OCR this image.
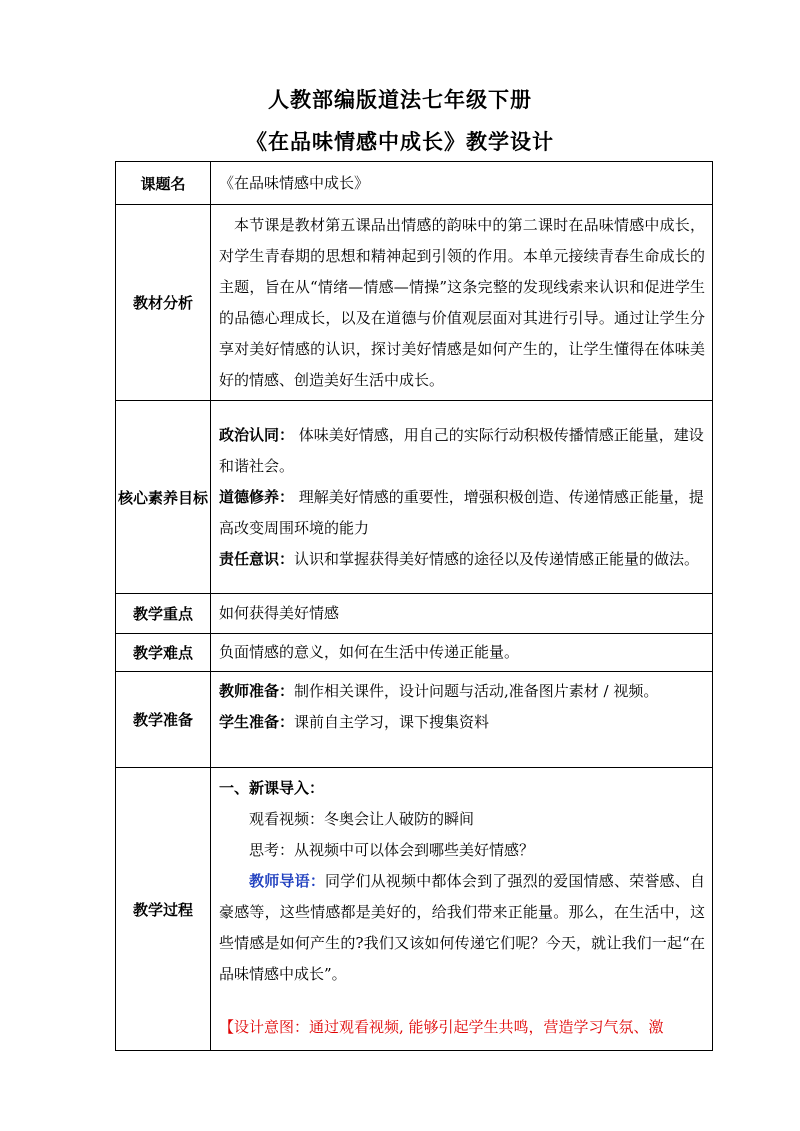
人教部编版道法七年级下册
《在品味情感中成长》教学设计
课题名	《在品味情感中成长》
教材分析	本节课是教材第五课品出情感的韵味中的第二课时在品味情感中成长，对学生青春期的思想和精神起到引领的作用。本单元接续青春生命成长的主题，旨在从“情绪—情感—情操”这条完整的发现线索来认识和促进学生的品德心理成长，以及在道德与价值观层面对其进行引导。通过让学生分享对美好情感的认识，探讨美好情感是如何产生的，让学生懂得在体味美好的情感、创造美好生活中成长。

核心素养目标	政治认同： 体味美好情感，用自己的实际行动积极传播情感正能量，建设和谐社会。
道德修养： 理解美好情感的重要性，增强积极创造、传递情感正能量，提高改变周围环境的能力
责任意识：认识和掌握获得美好情感的途径以及传递情感正能量的做法。

教学重点	如何获得美好情感
教学难点	负面情感的意义，如何在生活中传递正能量。
教学准备	教师准备：制作相关课件，设计问题与活动,准备图片素材 / 视频。
学生准备：课前自主学习，课下搜集资料

教学过程	一、新课导入：
观看视频：冬奥会让人破防的瞬间
思考：从视频中可以体会到哪些美好情感？
教师导语：同学们从视频中都体会到了强烈的爱国情感、荣誉感、自豪感等，这些情感都是美好的，给我们带来正能量。那么，在生活中，这些情感是如何产生的?我们又该如何传递它们呢？今天，就让我们一起“在品味情感中成长”。
【设计意图：通过观看视频, 能够引起学生共鸣，营造学习气氛、激
